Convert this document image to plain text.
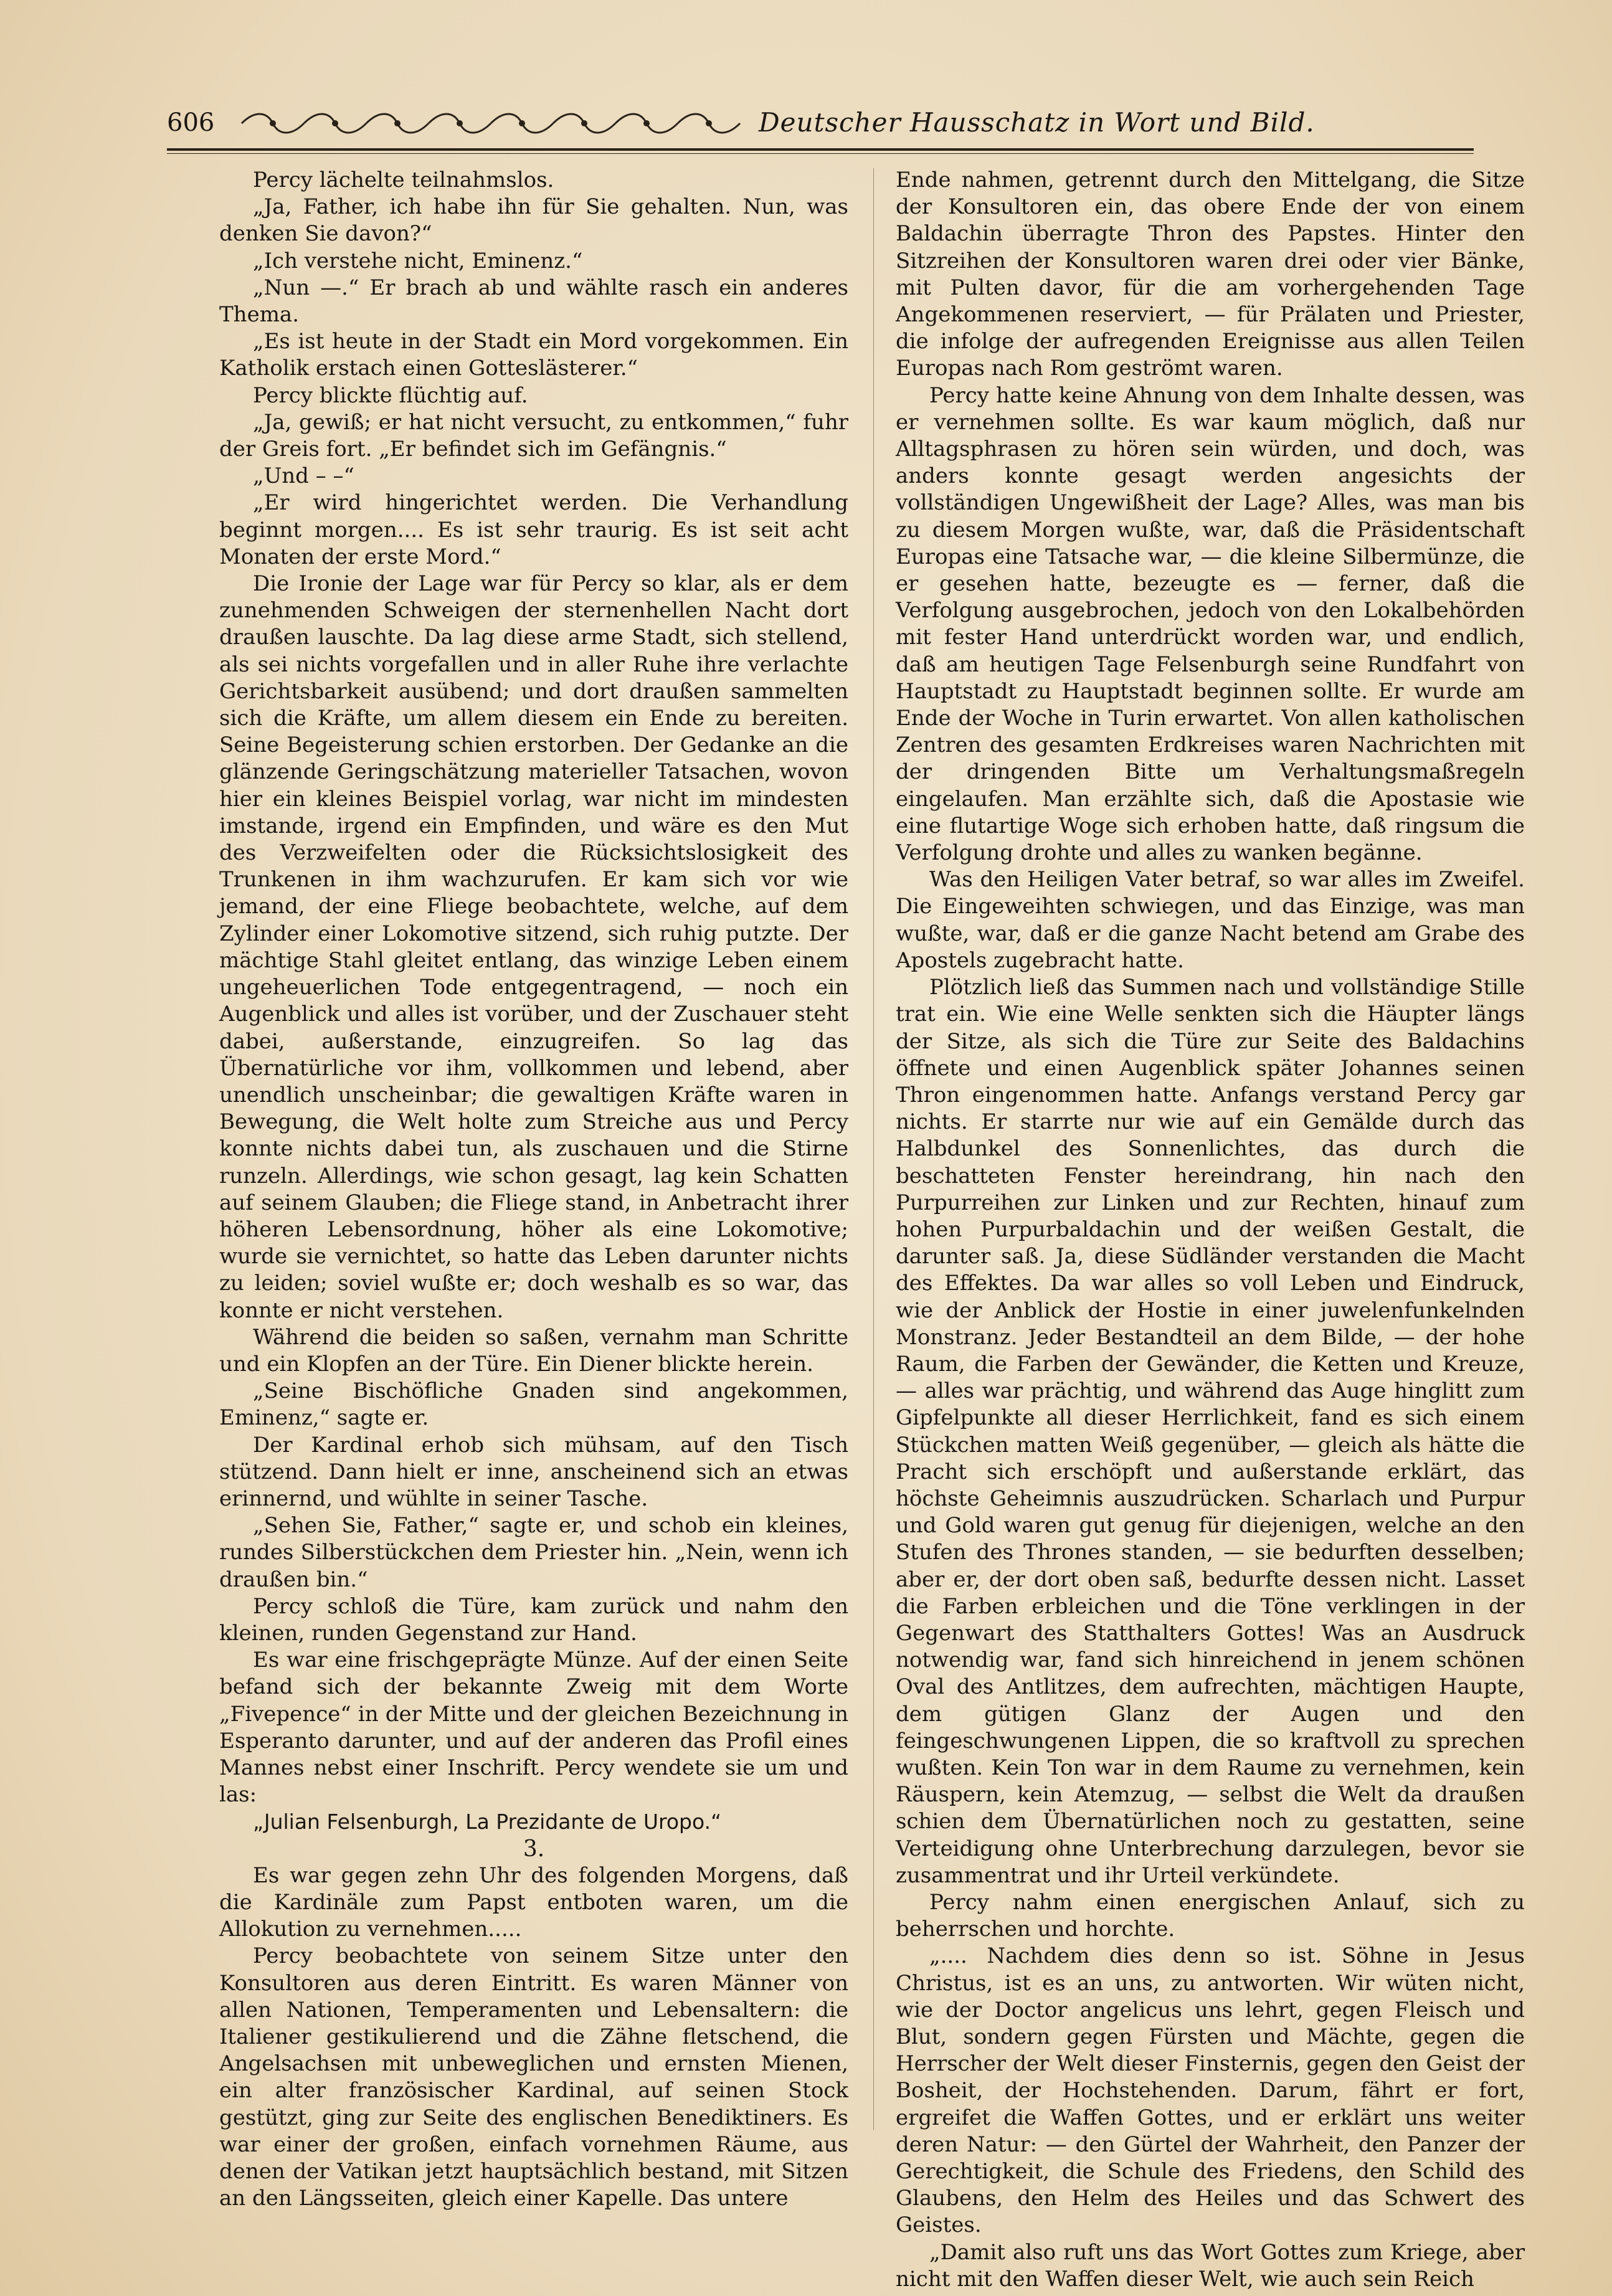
606	Deutscher Hausschatz in Wort und Bild.

Percy lächelte teilnahmslos.

„Ja, Father, ich habe ihn für Sie gehalten. Nun, was denken Sie davon?“

„Ich verstehe nicht, Eminenz.“

„Nun —.“ Er brach ab und wählte rasch ein anderes Thema.

„Es ist heute in der Stadt ein Mord vorgekommen. Ein Katholik erstach einen Gotteslästerer.“

Percy blickte flüchtig auf.

„Ja, gewiß; er hat nicht versucht, zu entkommen,“ fuhr der Greis fort. „Er befindet sich im Gefängnis.“

„Und – –“

„Er wird hingerichtet werden. Die Verhandlung beginnt morgen.... Es ist sehr traurig. Es ist seit acht Monaten der erste Mord.“

Die Ironie der Lage war für Percy so klar, als er dem zunehmenden Schweigen der sternenhellen Nacht dort draußen lauschte. Da lag diese arme Stadt, sich stellend, als sei nichts vorgefallen und in aller Ruhe ihre verlachte Gerichtsbarkeit ausübend; und dort draußen sammelten sich die Kräfte, um allem diesem ein Ende zu bereiten. Seine Begeisterung schien erstorben. Der Gedanke an die glänzende Geringschätzung materieller Tatsachen, wovon hier ein kleines Beispiel vorlag, war nicht im mindesten imstande, irgend ein Empfinden, und wäre es den Mut des Verzweifelten oder die Rücksichtslosigkeit des Trunkenen in ihm wachzurufen. Er kam sich vor wie jemand, der eine Fliege beobachtete, welche, auf dem Zylinder einer Lokomotive sitzend, sich ruhig putzte. Der mächtige Stahl gleitet entlang, das winzige Leben einem ungeheuerlichen Tode entgegentragend, — noch ein Augenblick und alles ist vorüber, und der Zuschauer steht dabei, außerstande, einzugreifen. So lag das Übernatürliche vor ihm, vollkommen und lebend, aber unendlich unscheinbar; die gewaltigen Kräfte waren in Bewegung, die Welt holte zum Streiche aus und Percy konnte nichts dabei tun, als zuschauen und die Stirne runzeln. Allerdings, wie schon gesagt, lag kein Schatten auf seinem Glauben; die Fliege stand, in Anbetracht ihrer höheren Lebensordnung, höher als eine Lokomotive; wurde sie vernichtet, so hatte das Leben darunter nichts zu leiden; soviel wußte er; doch weshalb es so war, das konnte er nicht verstehen.

Während die beiden so saßen, vernahm man Schritte und ein Klopfen an der Türe. Ein Diener blickte herein.

„Seine Bischöfliche Gnaden sind angekommen, Eminenz,“ sagte er.

Der Kardinal erhob sich mühsam, auf den Tisch stützend. Dann hielt er inne, anscheinend sich an etwas erinnernd, und wühlte in seiner Tasche.

„Sehen Sie, Father,“ sagte er, und schob ein kleines, rundes Silberstückchen dem Priester hin. „Nein, wenn ich draußen bin.“

Percy schloß die Türe, kam zurück und nahm den kleinen, runden Gegenstand zur Hand.

Es war eine frischgeprägte Münze. Auf der einen Seite befand sich der bekannte Zweig mit dem Worte „Fivepence“ in der Mitte und der gleichen Bezeichnung in Esperanto darunter, und auf der anderen das Profil eines Mannes nebst einer Inschrift. Percy wendete sie um und las:

„Julian Felsenburgh, La Prezidante de Uropo.“

3.

Es war gegen zehn Uhr des folgenden Morgens, daß die Kardinäle zum Papst entboten waren, um die Allokution zu vernehmen.....

Percy beobachtete von seinem Sitze unter den Konsultoren aus deren Eintritt. Es waren Männer von allen Nationen, Temperamenten und Lebensaltern: die Italiener gestikulierend und die Zähne fletschend, die Angelsachsen mit unbeweglichen und ernsten Mienen, ein alter französischer Kardinal, auf seinen Stock gestützt, ging zur Seite des englischen Benediktiners. Es war einer der großen, einfach vornehmen Räume, aus denen der Vatikan jetzt hauptsächlich bestand, mit Sitzen an den Längsseiten, gleich einer Kapelle. Das untere

Ende nahmen, getrennt durch den Mittelgang, die Sitze der Konsultoren ein, das obere Ende der von einem Baldachin überragte Thron des Papstes. Hinter den Sitzreihen der Konsultoren waren drei oder vier Bänke, mit Pulten davor, für die am vorhergehenden Tage Angekommenen reserviert, — für Prälaten und Priester, die infolge der aufregenden Ereignisse aus allen Teilen Europas nach Rom geströmt waren.

Percy hatte keine Ahnung von dem Inhalte dessen, was er vernehmen sollte. Es war kaum möglich, daß nur Alltagsphrasen zu hören sein würden, und doch, was anders konnte gesagt werden angesichts der vollständigen Ungewißheit der Lage? Alles, was man bis zu diesem Morgen wußte, war, daß die Präsidentschaft Europas eine Tatsache war, — die kleine Silbermünze, die er gesehen hatte, bezeugte es — ferner, daß die Verfolgung ausgebrochen, jedoch von den Lokalbehörden mit fester Hand unterdrückt worden war, und endlich, daß am heutigen Tage Felsenburgh seine Rundfahrt von Hauptstadt zu Hauptstadt beginnen sollte. Er wurde am Ende der Woche in Turin erwartet. Von allen katholischen Zentren des gesamten Erdkreises waren Nachrichten mit der dringenden Bitte um Verhaltungsmaßregeln eingelaufen. Man erzählte sich, daß die Apostasie wie eine flutartige Woge sich erhoben hatte, daß ringsum die Verfolgung drohte und alles zu wanken begänne.

Was den Heiligen Vater betraf, so war alles im Zweifel. Die Eingeweihten schwiegen, und das Einzige, was man wußte, war, daß er die ganze Nacht betend am Grabe des Apostels zugebracht hatte.

Plötzlich ließ das Summen nach und vollständige Stille trat ein. Wie eine Welle senkten sich die Häupter längs der Sitze, als sich die Türe zur Seite des Baldachins öffnete und einen Augenblick später Johannes seinen Thron eingenommen hatte. Anfangs verstand Percy gar nichts. Er starrte nur wie auf ein Gemälde durch das Halbdunkel des Sonnenlichtes, das durch die beschatteten Fenster hereindrang, hin nach den Purpurreihen zur Linken und zur Rechten, hinauf zum hohen Purpurbaldachin und der weißen Gestalt, die darunter saß. Ja, diese Südländer verstanden die Macht des Effektes. Da war alles so voll Leben und Eindruck, wie der Anblick der Hostie in einer juwelenfunkelnden Monstranz. Jeder Bestandteil an dem Bilde, — der hohe Raum, die Farben der Gewänder, die Ketten und Kreuze, — alles war prächtig, und während das Auge hinglitt zum Gipfelpunkte all dieser Herrlichkeit, fand es sich einem Stückchen matten Weiß gegenüber, — gleich als hätte die Pracht sich erschöpft und außerstande erklärt, das höchste Geheimnis auszudrücken. Scharlach und Purpur und Gold waren gut genug für diejenigen, welche an den Stufen des Thrones standen, — sie bedurften desselben; aber er, der dort oben saß, bedurfte dessen nicht. Lasset die Farben erbleichen und die Töne verklingen in der Gegenwart des Statthalters Gottes! Was an Ausdruck notwendig war, fand sich hinreichend in jenem schönen Oval des Antlitzes, dem aufrechten, mächtigen Haupte, dem gütigen Glanz der Augen und den feingeschwungenen Lippen, die so kraftvoll zu sprechen wußten. Kein Ton war in dem Raume zu vernehmen, kein Räuspern, kein Atemzug, — selbst die Welt da draußen schien dem Übernatürlichen noch zu gestatten, seine Verteidigung ohne Unterbrechung darzulegen, bevor sie zusammentrat und ihr Urteil verkündete.

Percy nahm einen energischen Anlauf, sich zu beherrschen und horchte.

„.... Nachdem dies denn so ist. Söhne in Jesus Christus, ist es an uns, zu antworten. Wir wüten nicht, wie der Doctor angelicus uns lehrt, gegen Fleisch und Blut, sondern gegen Fürsten und Mächte, gegen die Herrscher der Welt dieser Finsternis, gegen den Geist der Bosheit, der Hochstehenden. Darum, fährt er fort, ergreifet die Waffen Gottes, und er erklärt uns weiter deren Natur: — den Gürtel der Wahrheit, den Panzer der Gerechtigkeit, die Schule des Friedens, den Schild des Glaubens, den Helm des Heiles und das Schwert des Geistes.

„Damit also ruft uns das Wort Gottes zum Kriege, aber nicht mit den Waffen dieser Welt, wie auch sein Reich
